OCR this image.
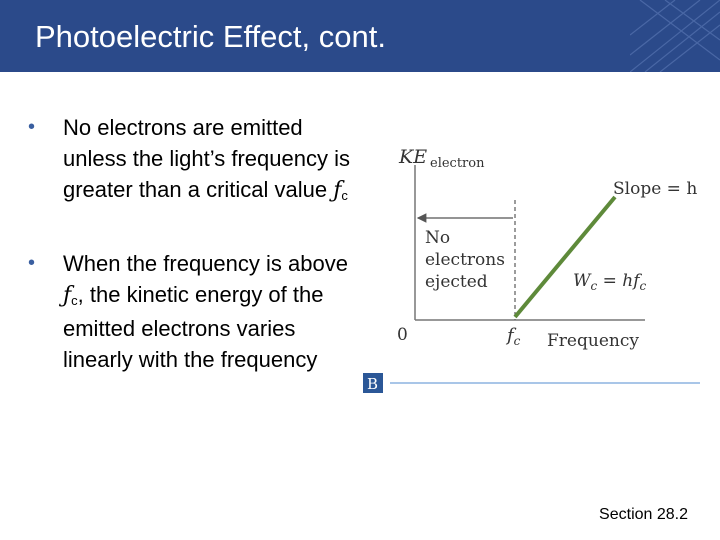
Photoelectric Effect, cont.
•	No electrons are emitted unless the light’s frequency is greater than a critical value ƒc
•	When the frequency is above ƒc, the kinetic energy of the emitted electrons varies linearly with the frequency
KE electron
Slope = h
No
electrons
ejected	$W_c = hf_c$
0	$f_c$ Frequency
B
Section 28.2
